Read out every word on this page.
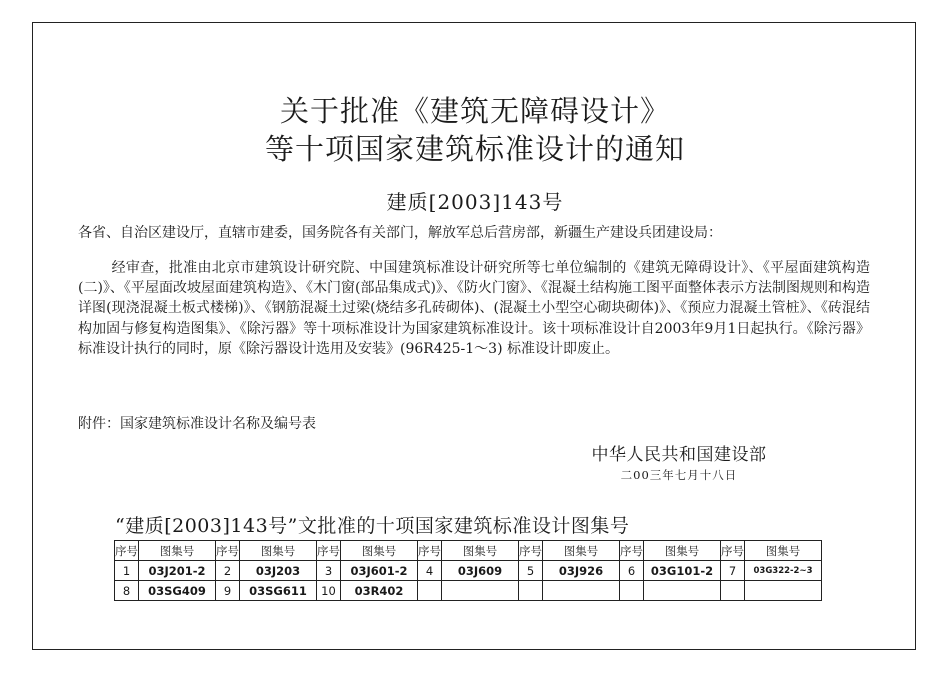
关于批准《建筑无障碍设计》
等十项国家建筑标准设计的通知
建质[2003]143号
各省、自治区建设厅，直辖市建委，国务院各有关部门，解放军总后营房部，新疆生产建设兵团建设局：

经审查，批准由北京市建筑设计研究院、中国建筑标准设计研究所等七单位编制的《建筑无障碍设计》、《平屋面建筑构造(二)》、《平屋面改坡屋面建筑构造》、《木门窗(部品集成式)》、《防火门窗》、《混凝土结构施工图平面整体表示方法制图规则和构造详图(现浇混凝土板式楼梯)》、《钢筋混凝土过梁(烧结多孔砖砌体)、(混凝土小型空心砌块砌体)》、《预应力混凝土管桩》、《砖混结构加固与修复构造图集》、《除污器》等十项标准设计为国家建筑标准设计。该十项标准设计自2003年9月1日起执行。《除污器》标准设计执行的同时，原《除污器设计选用及安装》(96R425-1～3) 标准设计即废止。

附件：国家建筑标准设计名称及编号表
中华人民共和国建设部
二00三年七月十八日
“建质[2003]143号”文批准的十项国家建筑标准设计图集号
序号	图集号	序号	图集号	序号	图集号	序号	图集号	序号	图集号	序号	图集号	序号	图集号
1	03J201-2	2	03J203	3	03J601-2	4	03J609	5	03J926	6	03G101-2	7	03G322-2~3
8	03SG409	9	03SG611	10	03R402								
